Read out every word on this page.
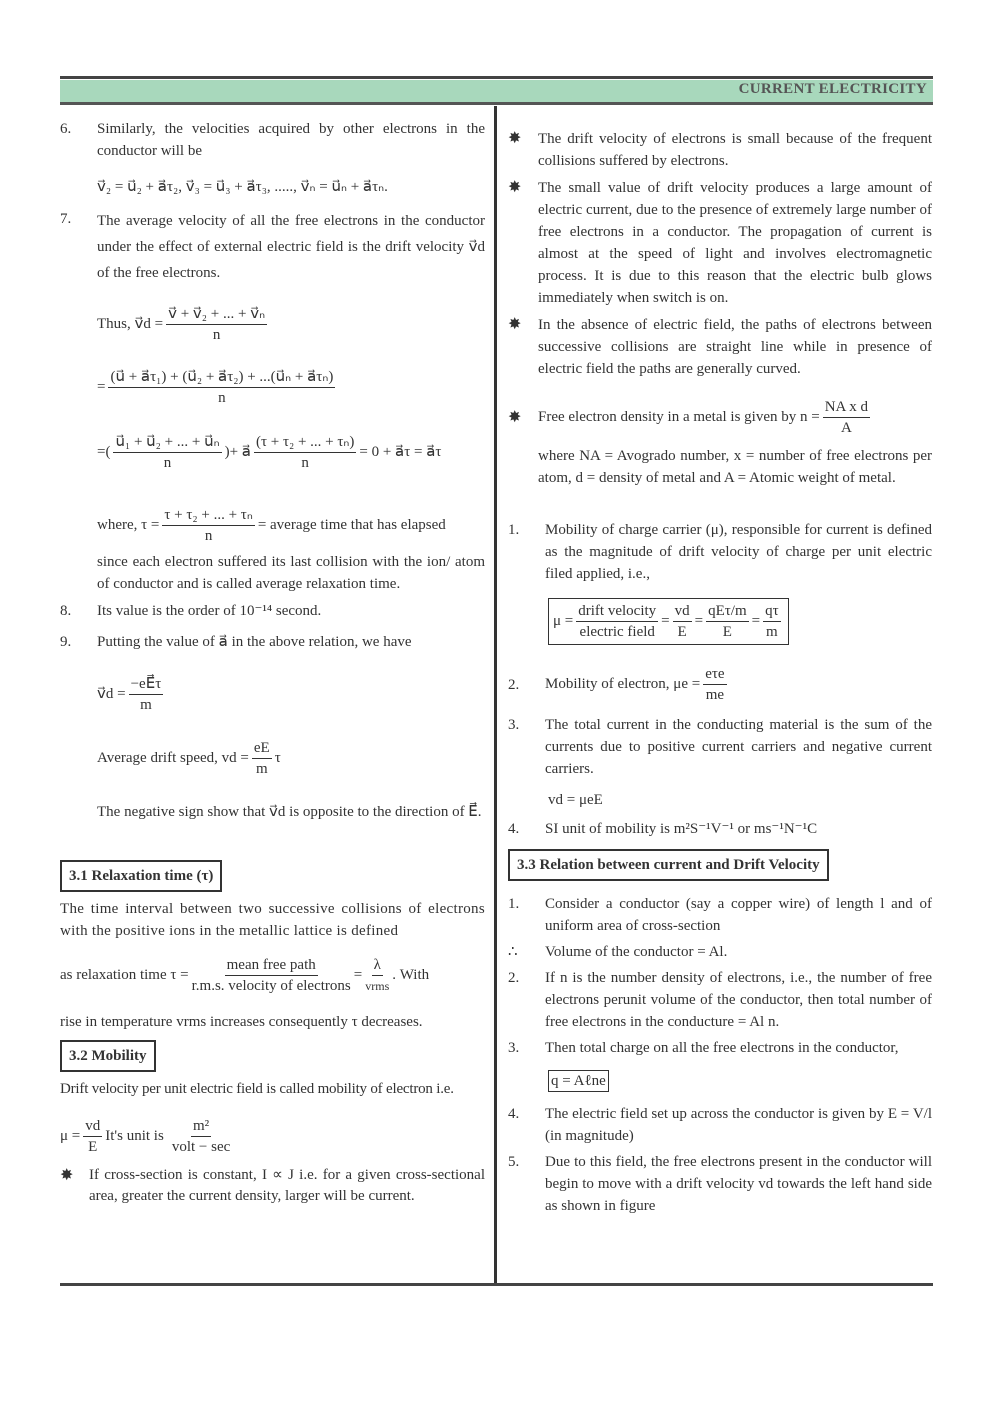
CURRENT ELECTRICITY
6. Similarly, the velocities acquired by other electrons in the conductor will be
v⃗₂ = u⃗₂ + a⃗τ₂, v⃗₃ = u⃗₃ + a⃗τ₃, ....., v⃗ₙ = u⃗ₙ + a⃗τₙ.
7. The average velocity of all the free electrons in the conductor under the effect of external electric field is the drift velocity v⃗d of the free electrons.
Thus, v⃗d = $\frac{\text{v⃗ + v⃗₂ + ... + v⃗ₙ}}{n}$
= $\frac{\text{(u⃗ + a⃗τ₁) + (u⃗₂ + a⃗τ₂) + ...(u⃗ₙ + a⃗τₙ)}}{n}$
=( $\frac{\text{u⃗₁ + u⃗₂ + ... + u⃗ₙ}}{n}$ )+ a⃗ $\frac{\text{(τ + τ₂ + ... + τₙ)}}{n} = 0$ + a⃗τ = a⃗τ
where, $\tau = \frac{\text{τ + τ₂ + ... + τₙ}}{n}$ = average time that has elapsed
since each electron suffered its last collision with the ion/ atom of conductor and is called average relaxation time.
8. Its value is the order of 10⁻¹⁴ second.
9. Putting the value of a⃗ in the above relation, we have
v⃗d = $\frac{-eE⃗\tau}{m}$
Average drift speed, vd = $\frac{eE}{m}$ τ
The negative sign show that v⃗d is opposite to the direction of E⃗.
3.1 Relaxation time (τ)
The time interval between two successive collisions of electrons with the positive ions in the metallic lattice is defined
as relaxation time $\tau = \frac{\text{mean free path}}{\text{r.m.s. velocity of electrons}} = \frac{\lambda}{\text{vrms}}$ . With
rise in temperature vrms increases consequently τ decreases.
3.2 Mobility
Drift velocity per unit electric field is called mobility of electron i.e.
$\mu = \frac{vd}{E} It's$ unit is $\frac{\text{m²}}{\text{volt − sec}}$
✸ If cross-section is constant, I ∝ J i.e. for a given cross-sectional area, greater the current density, larger will be current.
✸ The drift velocity of electrons is small because of the frequent collisions suffered by electrons.
✸ The small value of drift velocity produces a large amount of electric current, due to the presence of extremely large number of free electrons in a conductor. The propagation of current is almost at the speed of light and involves electromagnetic process. It is due to this reason that the electric bulb glows immediately when switch is on.
✸ In the absence of electric field, the paths of electrons between successive collisions are straight line while in presence of electric field the paths are generally curved.
✸ Free electron density in a metal is given by $n = \frac{\text{NA x d}}{A}$
where NA = Avogrado number, x = number of free electrons per atom, d = density of metal and A = Atomic weight of metal.
1. Mobility of charge carrier (μ), responsible for current is defined as the magnitude of drift velocity of charge per unit electric filed applied, i.e.,
$\mu = \frac{\text{drift velocity}}{\text{electric field}} = \frac{vd}{E} = \frac{\text{qEτ/m}}{E} = \frac{q\tau}{m}$
2. Mobility of electron, $\mu e = \frac{\text{eτe}}{me}$
3. The total current in the conducting material is the sum of the currents due to positive current carriers and negative current carriers.
vd = μeE
4. SI unit of mobility is m²S⁻¹V⁻¹ or ms⁻¹N⁻¹C
3.3 Relation between current and Drift Velocity
1. Consider a conductor (say a copper wire) of length l and of uniform area of cross-section
∴ Volume of the conductor = Al.
2. If n is the number density of electrons, i.e., the number of free electrons perunit volume of the conductor, then total number of free electrons in the conducture = Al n.
3. Then total charge on all the free electrons in the conductor,
q = Aℓne
4. The electric field set up across the conductor is given by E = V/l (in magnitude)
5. Due to this field, the free electrons present in the conductor will begin to move with a drift velocity vd towards the left hand side as shown in figure
